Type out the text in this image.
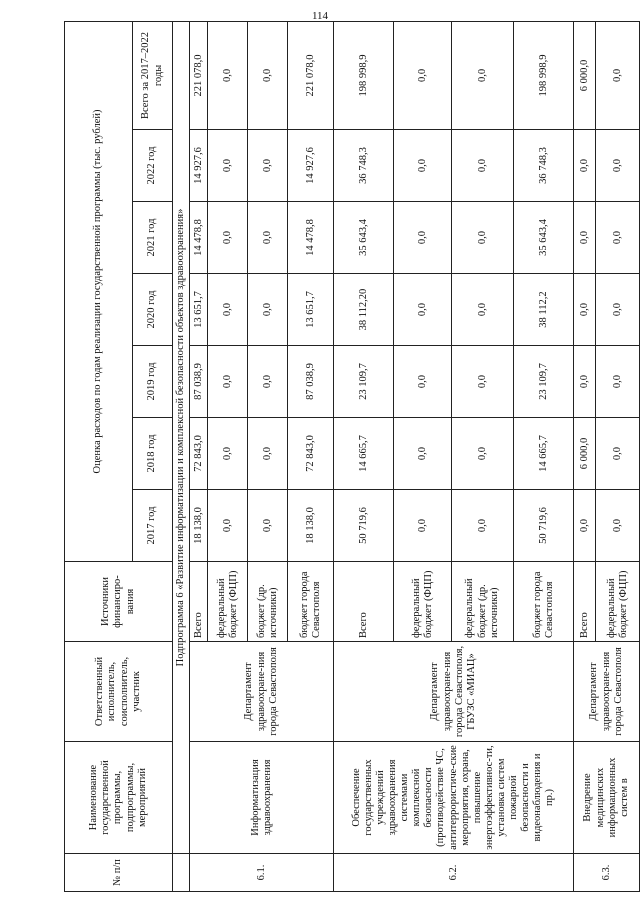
114
№ п/п	Наименование государственной программы, подпрограммы, мероприятий	Ответственный исполнитель, соисполнитель, участник	Источники финансиро-вания	Оценка расходов по годам реализации государственной программы (тыс. рублей)						
				2017 год	2018 год	2019 год	2020 год	2021 год	2022 год	Всего за 2017–2022 годы
	Подпрограмма 6 «Развитие информатизации и комплексной безопасности объектов здравоохранения»									
6.1.	Информатизация здравоохранения	Департамент здравоохране-ния города Севастополя	Всего	18 138,0	72 843,0	87 038,9	13 651,7	14 478,8	14 927,6	221 078,0
			федеральный бюджет (ФЦП)	0,0	0,0	0,0	0,0	0,0	0,0	0,0
			бюджет (др. источники)	0,0	0,0	0,0	0,0	0,0	0,0	0,0
			бюджет города Севастополя	18 138,0	72 843,0	87 038,9	13 651,7	14 478,8	14 927,6	221 078,0
6.2.	Обеспечение государственных учреждений здравоохранения системами комплексной безопасности (противодействие ЧС, антитеррористиче-ские мероприятия, охрана, повышение энергоэффективнос-ти, установка систем пожарной безопасности и видеонаблюдения и пр.)	Департамент здравоохране-ния города Севастополя, ГБУЗС «МИАЦ»	Всего	50 719,6	14 665,7	23 109,7	38 112,20	35 643,4	36 748,3	198 998,9
			федеральный бюджет (ФЦП)	0,0	0,0	0,0	0,0	0,0	0,0	0,0
			федеральный бюджет (др. источники)	0,0	0,0	0,0	0,0	0,0	0,0	0,0
			бюджет города Севастополя	50 719,6	14 665,7	23 109,7	38 112,2	35 643,4	36 748,3	198 998,9
6.3.	Внедрение медицинских информационных систем в	Департамент здравоохране-ния города Севастополя	Всего	0,0	6 000,0	0,0	0,0	0,0	0,0	6 000,0
			федеральный бюджет (ФЦП)	0,0	0,0	0,0	0,0	0,0	0,0	0,0
